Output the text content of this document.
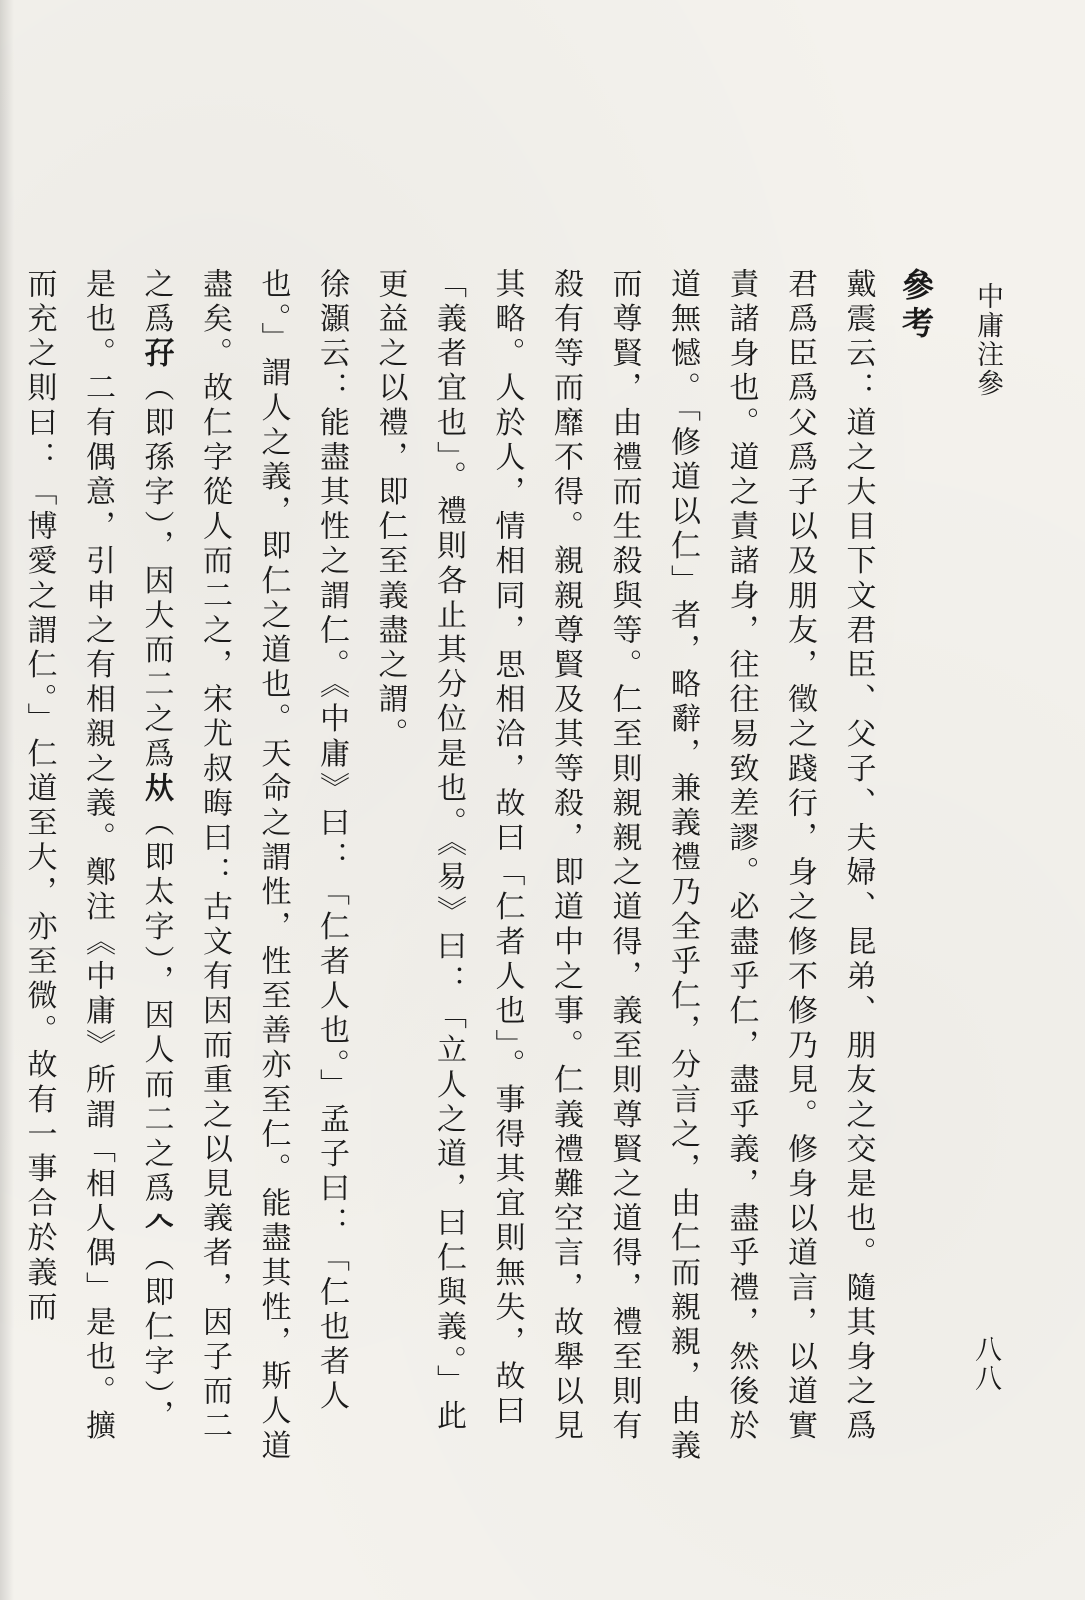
中庸注參
八八
參考
戴震云：道之大目下文君臣、父子、夫婦、昆弟、朋友之交是也。隨其身之爲君爲臣爲父爲子以及朋友，徵之踐行，身之修不修乃見。修身以道言，以道實責諸身也。道之責諸身，往往易致差謬。必盡乎仁，盡乎義，盡乎禮，然後於道無憾。「修道以仁」者，略辭，兼義禮乃全乎仁，分言之，由仁而親親，由義而尊賢，由禮而生殺與等。仁至則親親之道得，義至則尊賢之道得，禮至則有殺有等而靡不得。親親尊賢及其等殺，即道中之事。仁義禮難空言，故舉以見其略。人於人，情相同，思相洽，故曰「仁者人也」。事得其宜則無失，故曰「義者宜也」。禮則各止其分位是也。《易》曰：「立人之道，曰仁與義。」此更益之以禮，即仁至義盡之謂。
徐灝云：能盡其性之謂仁。《中庸》曰：「仁者人也。」孟子曰：「仁也者人也。」謂人之義，即仁之道也。天命之謂性，性至善亦至仁。能盡其性，斯人道盡矣。故仁字從人而二之，宋尤叔晦曰：古文有因而重之以見義者，因子而二之爲孖（即孫字），因大而二之爲夶（即太字），因人而二之爲𠆢（即仁字），是也。二有偶意，引申之有相親之義。鄭注《中庸》所謂「相人偶」是也。擴而充之則曰：「博愛之謂仁。」仁道至大，亦至微。故有一事合於義而
